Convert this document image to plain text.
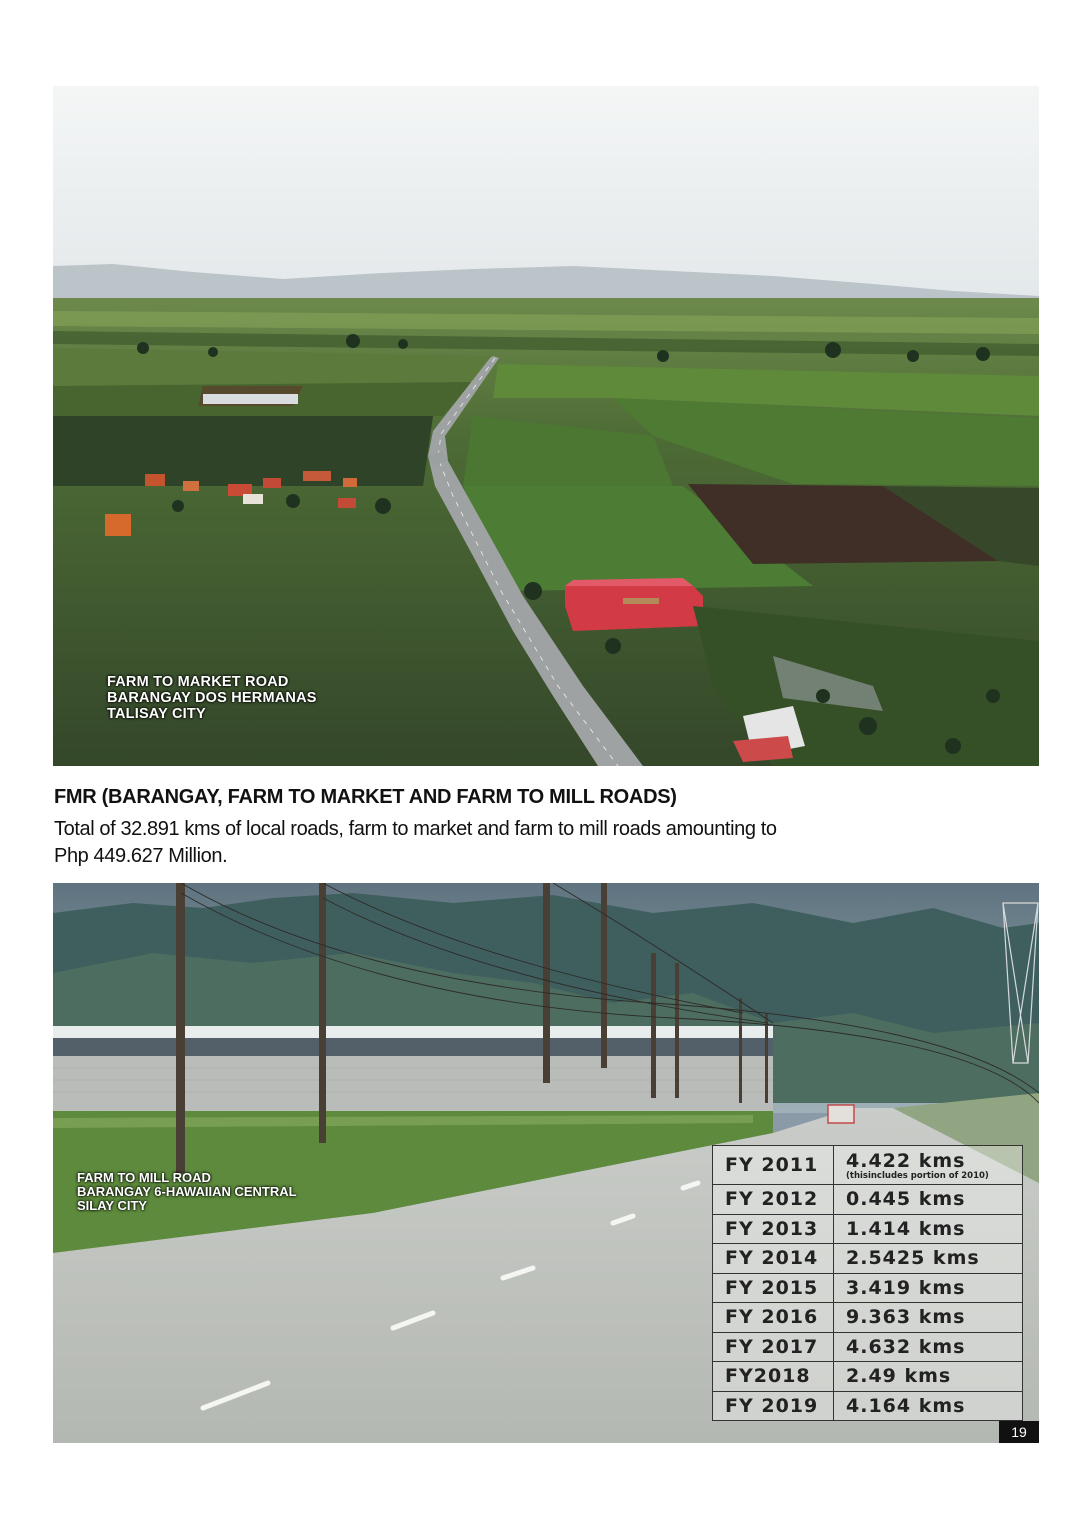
FARM TO MARKET ROAD
BARANGAY DOS HERMANAS
TALISAY CITY
FMR (BARANGAY, FARM TO MARKET AND FARM TO MILL ROADS)
Total of 32.891 kms of local roads, farm to market and farm to mill roads amounting to
Php 449.627 Million.
FARM TO MILL ROAD
BARANGAY 6-HAWAIIAN CENTRAL
SILAY CITY
FY 2011	4.422 kms
(thisincludes portion of 2010)

FY 2012	0.445 kms
FY 2013	1.414 kms
FY 2014	2.5425 kms
FY 2015	3.419 kms
FY 2016	9.363 kms
FY 2017	4.632 kms
FY2018	2.49 kms
FY 2019	4.164 kms
19
